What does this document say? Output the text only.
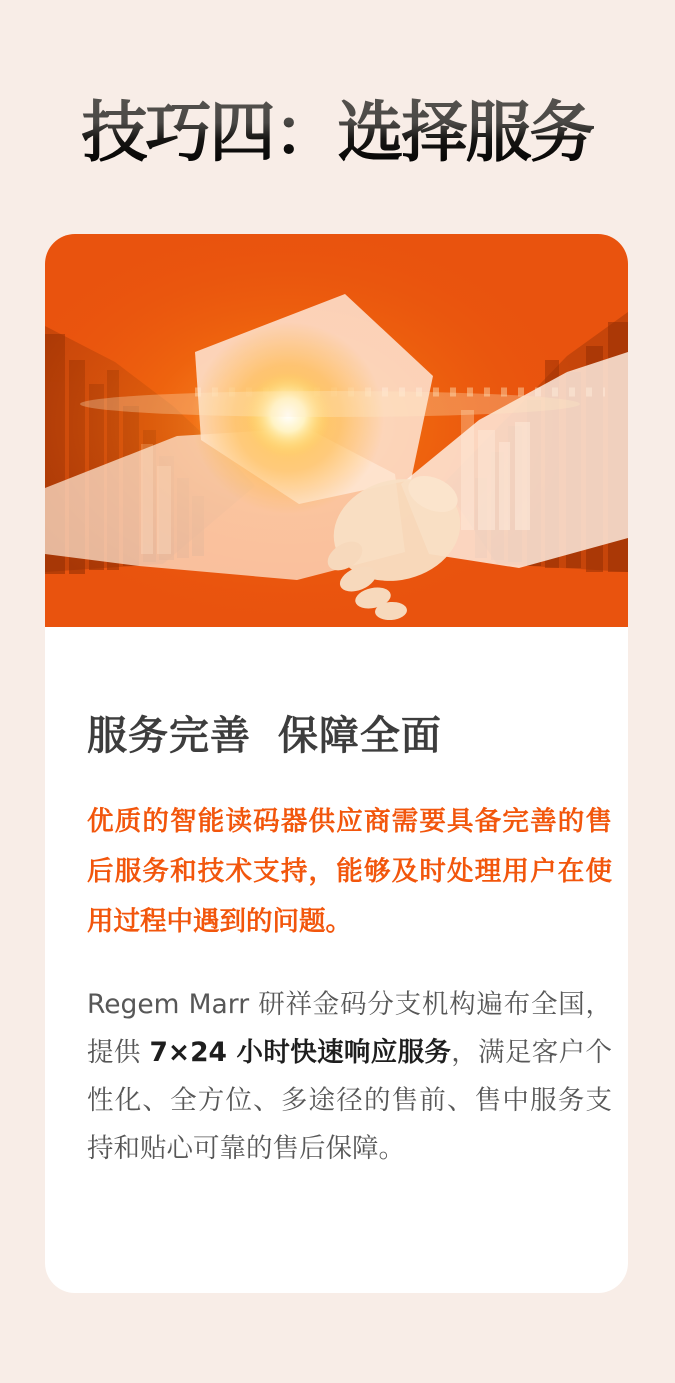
技巧四：选择服务
服务完善 保障全面

优质的智能读码器供应商需要具备完善的售后服务和技术支持，能够及时处理用户在使用过程中遇到的问题。

Regem Marr 研祥金码分支机构遍布全国，提供 7×24 小时快速响应服务，满足客户个性化、全方位、多途径的售前、售中服务支持和贴心可靠的售后保障。
